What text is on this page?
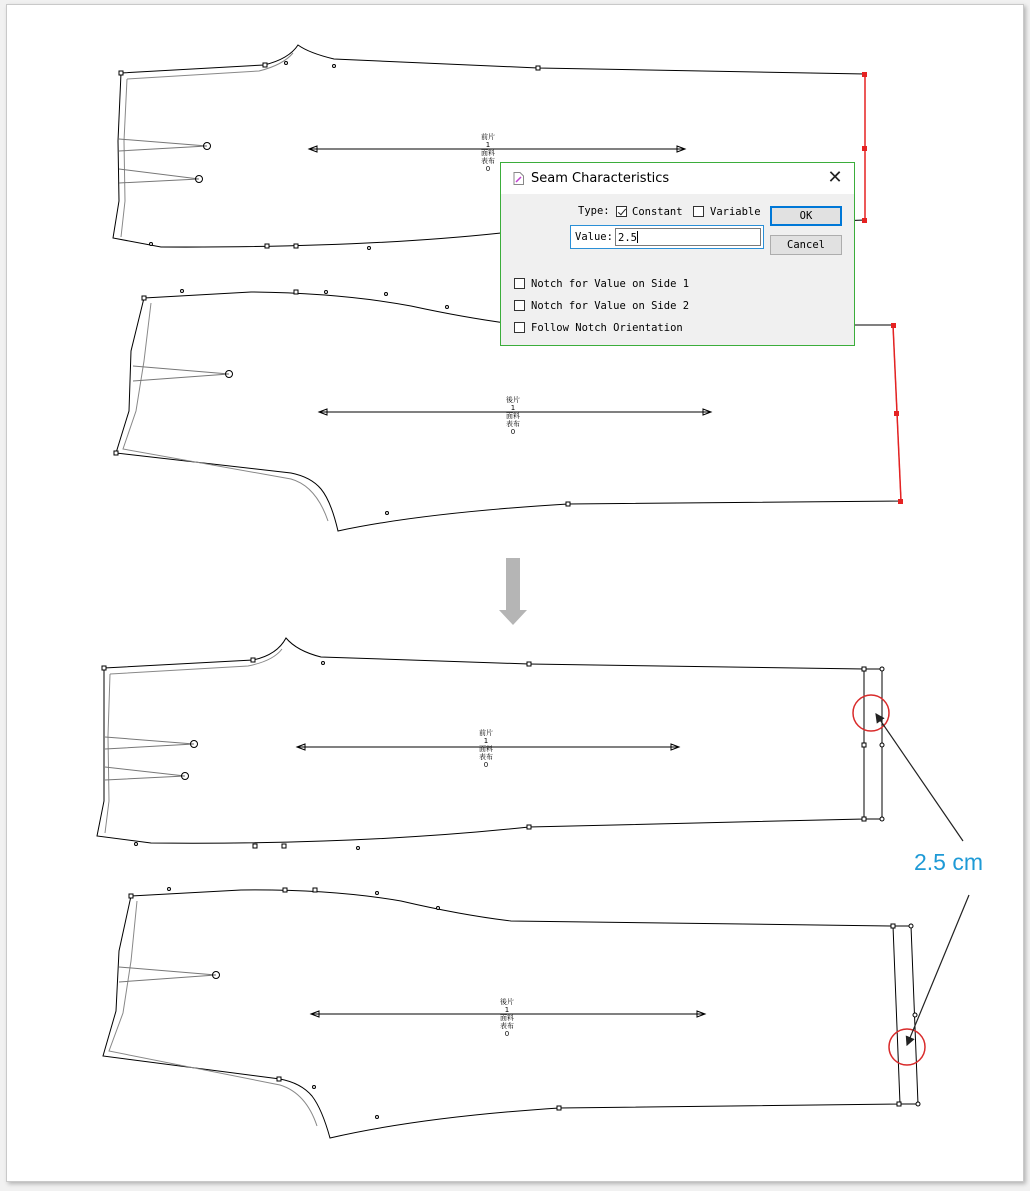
前片
1
面料
表布
0
後片
1
面料
表布
0
前片
1
面料
表布
0
後片
1
面料
表布
0
2.5 cm
Seam Characteristics	✕
Type: Constant	Variable
Value: 2.5
OK
Cancel
Notch for Value on Side 1
Notch for Value on Side 2
Follow Notch Orientation
